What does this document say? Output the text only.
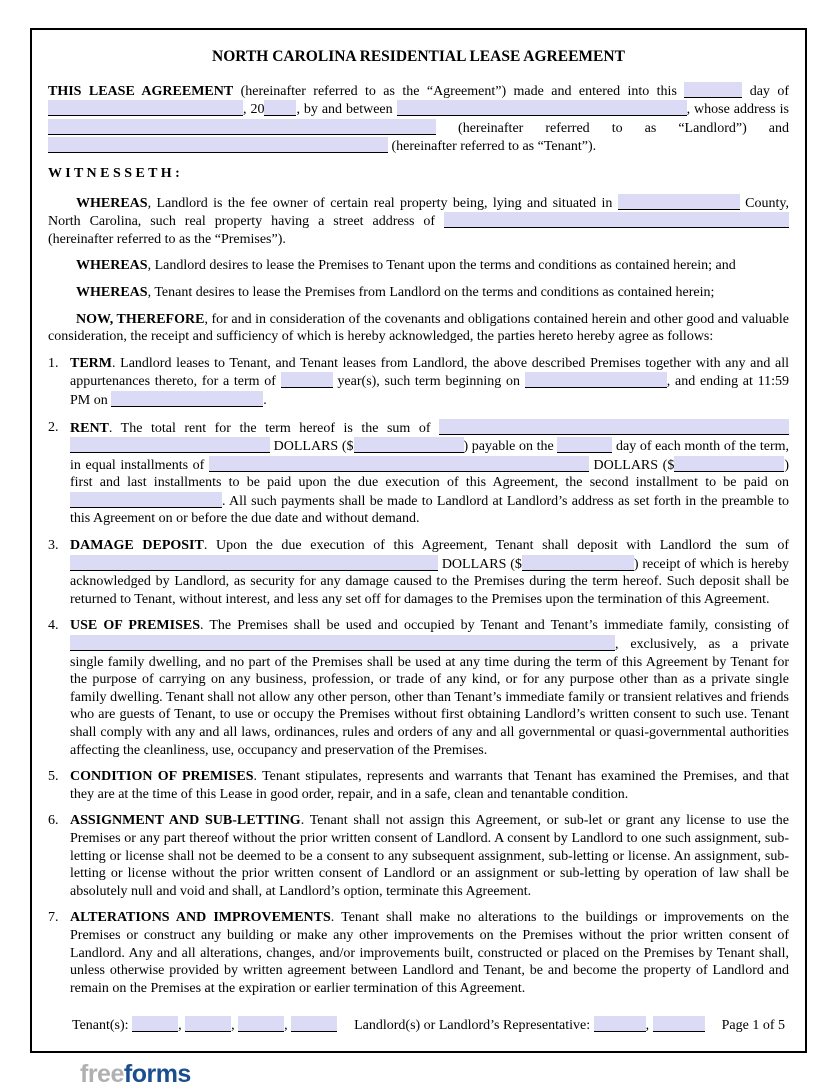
NORTH CAROLINA RESIDENTIAL LEASE AGREEMENT
THIS LEASE AGREEMENT (hereinafter referred to as the “Agreement”) made and entered into this	day of , 20 , by and between	, whose address is  (hereinafter referred to as “Landlord”) and  (hereinafter referred to as “Tenant”).
W I T N E S S E T H :
WHEREAS, Landlord is the fee owner of certain real property being, lying and situated in	County, North Carolina, such real property having a street address of  (hereinafter referred to as the “Premises”).
WHEREAS, Landlord desires to lease the Premises to Tenant upon the terms and conditions as contained herein; and
WHEREAS, Tenant desires to lease the Premises from Landlord on the terms and conditions as contained herein;
NOW, THEREFORE, for and in consideration of the covenants and obligations contained herein and other good and valuable consideration, the receipt and sufficiency of which is hereby acknowledged, the parties hereto hereby agree as follows:
1. TERM. Landlord leases to Tenant, and Tenant leases from Landlord, the above described Premises together with any and all appurtenances thereto, for a term of	year(s), such term beginning on	, and ending at 11:59 PM on	.
2. RENT. The total rent for the term hereof is the sum of  DOLLARS ($	) payable on the	day of each month of the term, in equal installments of	DOLLARS ($	) first and last installments to be paid upon the due execution of this Agreement, the second installment to be paid on . All such payments shall be made to Landlord at Landlord’s address as set forth in the preamble to this Agreement on or before the due date and without demand.
3. DAMAGE DEPOSIT. Upon the due execution of this Agreement, Tenant shall deposit with Landlord the sum of  DOLLARS ($	) receipt of which is hereby acknowledged by Landlord, as security for any damage caused to the Premises during the term hereof. Such deposit shall be returned to Tenant, without interest, and less any set off for damages to the Premises upon the termination of this Agreement.
4. USE OF PREMISES. The Premises shall be used and occupied by Tenant and Tenant’s immediate family, consisting of , exclusively, as a private single family dwelling, and no part of the Premises shall be used at any time during the term of this Agreement by Tenant for the purpose of carrying on any business, profession, or trade of any kind, or for any purpose other than as a private single family dwelling. Tenant shall not allow any other person, other than Tenant’s immediate family or transient relatives and friends who are guests of Tenant, to use or occupy the Premises without first obtaining Landlord’s written consent to such use. Tenant shall comply with any and all laws, ordinances, rules and orders of any and all governmental or quasi-governmental authorities affecting the cleanliness, use, occupancy and preservation of the Premises.
5. CONDITION OF PREMISES. Tenant stipulates, represents and warrants that Tenant has examined the Premises, and that they are at the time of this Lease in good order, repair, and in a safe, clean and tenantable condition.
6. ASSIGNMENT AND SUB-LETTING. Tenant shall not assign this Agreement, or sub-let or grant any license to use the Premises or any part thereof without the prior written consent of Landlord. A consent by Landlord to one such assignment, sub-letting or license shall not be deemed to be a consent to any subsequent assignment, sub-letting or license. An assignment, sub-letting or license without the prior written consent of Landlord or an assignment or sub-letting by operation of law shall be absolutely null and void and shall, at Landlord’s option, terminate this Agreement.
7. ALTERATIONS AND IMPROVEMENTS. Tenant shall make no alterations to the buildings or improvements on the Premises or construct any building or make any other improvements on the Premises without the prior written consent of Landlord. Any and all alterations, changes, and/or improvements built, constructed or placed on the Premises by Tenant shall, unless otherwise provided by written agreement between Landlord and Tenant, be and become the property of Landlord and remain on the Premises at the expiration or earlier termination of this Agreement.
Tenant(s):	,	,	,	Landlord(s) or Landlord’s Representative:	,	Page 1 of 5
freeforms
